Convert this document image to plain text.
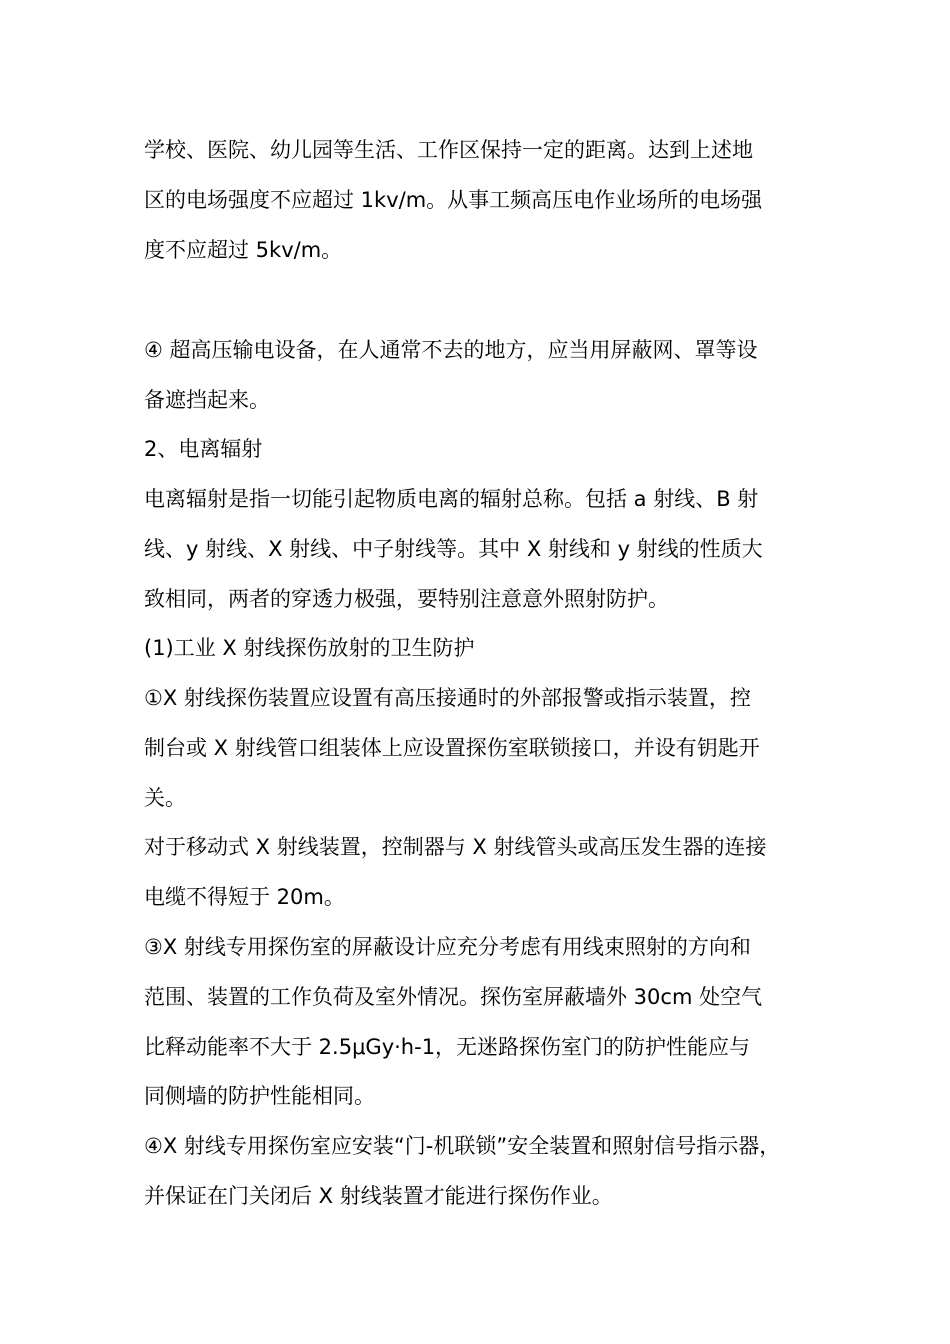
学校、医院、幼儿园等生活、工作区保持一定的距离。达到上述地
区的电场强度不应超过 1kv/m。从事工频高压电作业场所的电场强
度不应超过 5kv/m。
④ 超高压输电设备，在人通常不去的地方，应当用屏蔽网、罩等设
备遮挡起来。
2、电离辐射
电离辐射是指一切能引起物质电离的辐射总称。包括 a 射线、B 射
线、y 射线、X 射线、中子射线等。其中 X 射线和 y 射线的性质大
致相同，两者的穿透力极强，要特别注意意外照射防护。
(1)工业 X 射线探伤放射的卫生防护
①X 射线探伤装置应设置有高压接通时的外部报警或指示装置，控
制台或 X 射线管口组装体上应设置探伤室联锁接口，并设有钥匙开
关。
对于移动式 X 射线装置，控制器与 X 射线管头或高压发生器的连接
电缆不得短于 20m。
③X 射线专用探伤室的屏蔽设计应充分考虑有用线束照射的方向和
范围、装置的工作负荷及室外情况。探伤室屏蔽墙外 30cm 处空气
比释动能率不大于 2.5μGy·h-1，无迷路探伤室门的防护性能应与
同侧墙的防护性能相同。
④X 射线专用探伤室应安装“门-机联锁”安全装置和照射信号指示器，
并保证在门关闭后 X 射线装置才能进行探伤作业。
